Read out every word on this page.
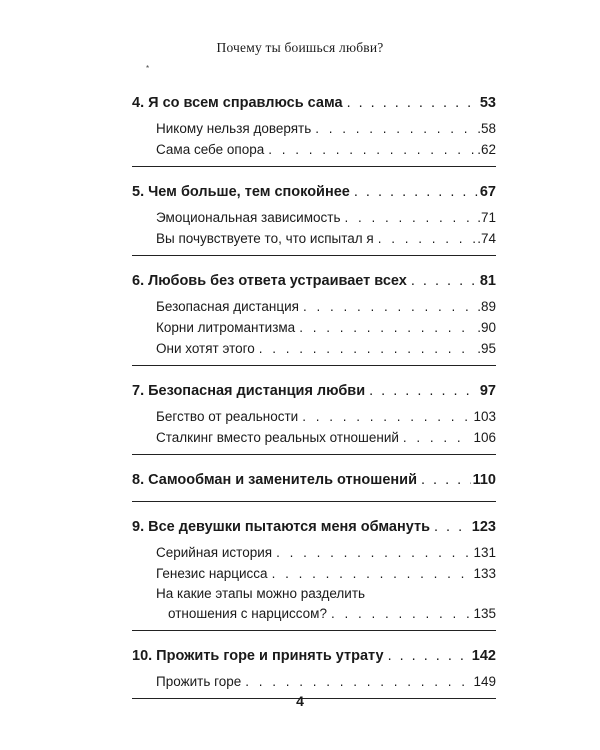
Почему ты боишься любви?
*
4. Я со всем справлюсь сама . . .	53
Никому нельзя доверять . . .	.58
Сама себе опора . . .	.62
5. Чем больше, тем спокойнее . . .	67
Эмоциональная зависимость . . .	.71
Вы почувствуете то, что испытал я . . .	.74
6. Любовь без ответа устраивает всех . . .	81
Безопасная дистанция . . .	.89
Корни литромантизма . . .	.90
Они хотят этого . . .	.95
7. Безопасная дистанция любви . . .	97
Бегство от реальности . . .	103
Сталкинг вместо реальных отношений . . .	106
8. Самообман и заменитель отношений . . .	110
9. Все девушки пытаются меня обмануть . . .	123
Серийная история . . .	131
Генезис нарцисса . . .	133
На какие этапы можно разделить
отношения с нарциссом? . . .	135
10. Прожить горе и принять утрату . . .	142
Прожить горе . . .	149
4
